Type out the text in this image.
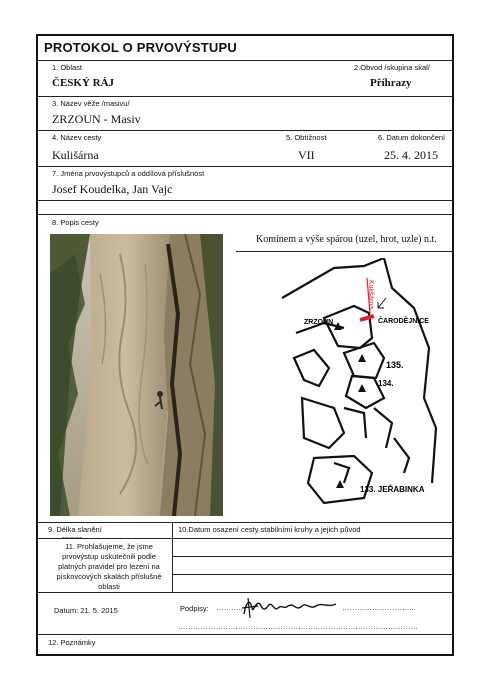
PROTOKOL O PRVOVÝSTUPU
1. Oblast
ČESKÝ RÁJ
2.Obvod /skupina skal/
Příhrazy
3. Název věže /masivu/
ZRZOUN - Masiv
4. Název cesty
Kulišárna
5. Obtížnost
VII
6. Datum dokončení
25. 4. 2015
7. Jména prvovýstupců a oddílová příslušnost
Josef Koudelka, Jan Vajc
8. Popis cesty
Komínem a výše spárou (uzel, hrot, uzle) n.t.
ZRZOUN
Kulišárna
ČARODĚJNICE
135.
134.
133. JEŘABINKA
9. Délka slanění
--------
10.Datum osazení cesty stabilními kruhy a jejich původ
11. Prohlašujeme, že jsme prvovýstup uskutečnili podle platných pravidel pro lezení na pískovcových skalách příslušné oblasti
Datum: 21. 5. 2015	Podpisy: ………..	………………………..
……………………………………………………………………………………
12. Poznámky
